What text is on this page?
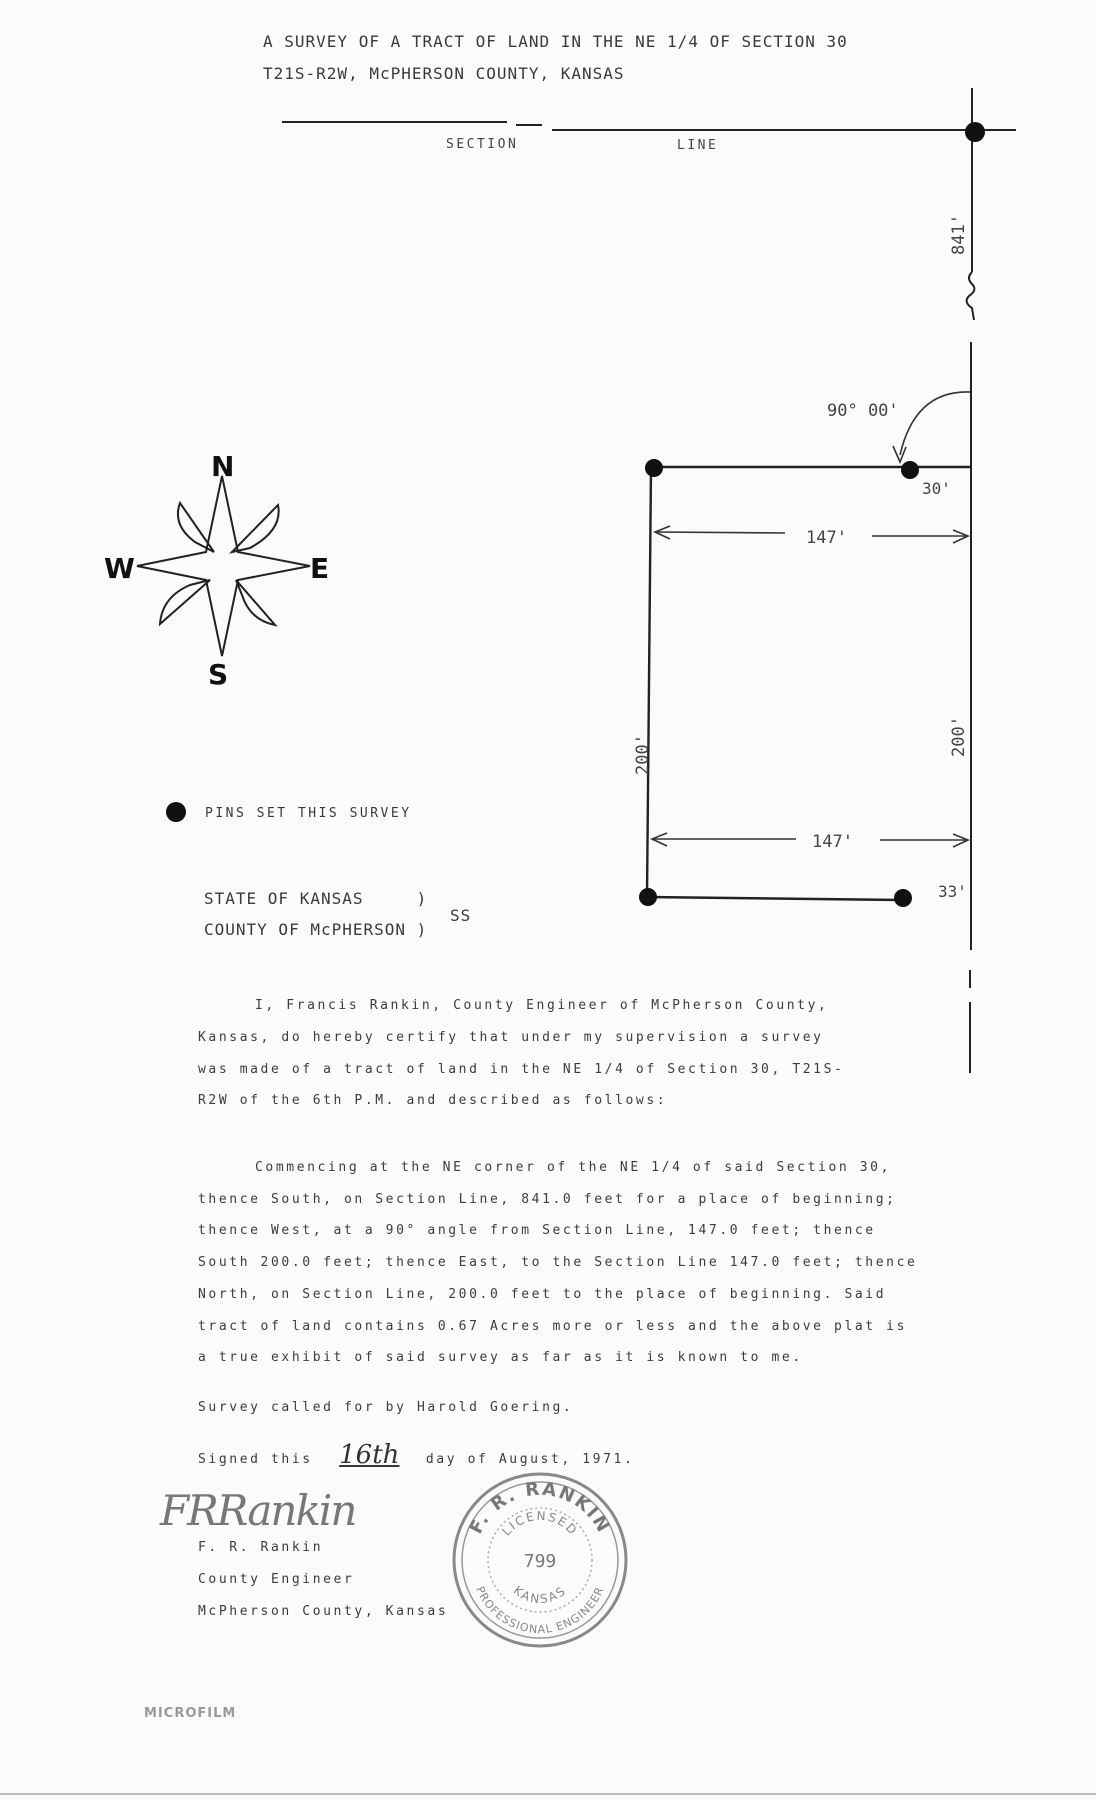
A SURVEY OF A TRACT OF LAND IN THE NE 1/4 OF SECTION 30
T21S-R2W, McPHERSON COUNTY, KANSAS
SECTION	LINE
841'
90° 00'
30'
33'
147'
147'
200'	200'
N
S
E
W
PINS SET THIS SURVEY
STATE OF KANSAS     )
COUNTY OF McPHERSON )
SS
I, Francis Rankin, County Engineer of McPherson County,
Kansas, do hereby certify that under my supervision a survey
was made of a tract of land in the NE 1/4 of Section 30, T21S-
R2W of the 6th P.M. and described as follows:
Commencing at the NE corner of the NE 1/4 of said Section 30,
thence South, on Section Line, 841.0 feet for a place of beginning;
thence West, at a 90° angle from Section Line, 147.0 feet; thence
South 200.0 feet; thence East, to the Section Line 147.0 feet; thence
North, on Section Line, 200.0 feet to the place of beginning. Said
tract of land contains 0.67 Acres more or less and the above plat is
a true exhibit of said survey as far as it is known to me.
Survey called for by Harold Goering.
Signed this 16th day of August, 1971.
FRRankin
F. R. Rankin
County Engineer
McPherson County, Kansas
F. R. RANKIN
PROFESSIONAL ENGINEER
LICENSED
KANSAS
799
MICROFILM
